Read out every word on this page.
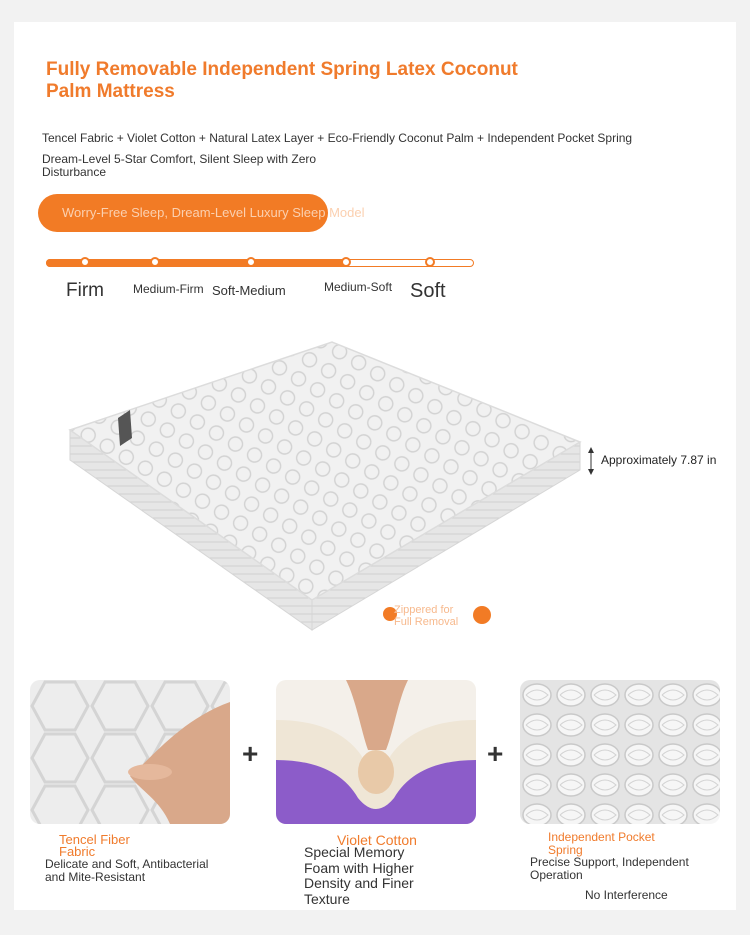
Fully Removable Independent Spring Latex Coconut Palm Mattress
Tencel Fabric + Violet Cotton + Natural Latex Layer + Eco-Friendly Coconut Palm + Independent Pocket Spring
Dream-Level 5-Star Comfort, Silent Sleep with Zero Disturbance
Worry-Free Sleep, Dream-Level Luxury Sleep Model
Firm Medium-Firm Soft-Medium	Medium-Soft Soft
Approximately 7.87 in
Zippered for Full Removal
+	+
Tencel Fiber Fabric
Delicate and Soft, Antibacterial and Mite-Resistant
Violet Cotton
Special Memory Foam with Higher Density and Finer Texture
Independent Pocket Spring
Precise Support, Independent Operation
No Interference
